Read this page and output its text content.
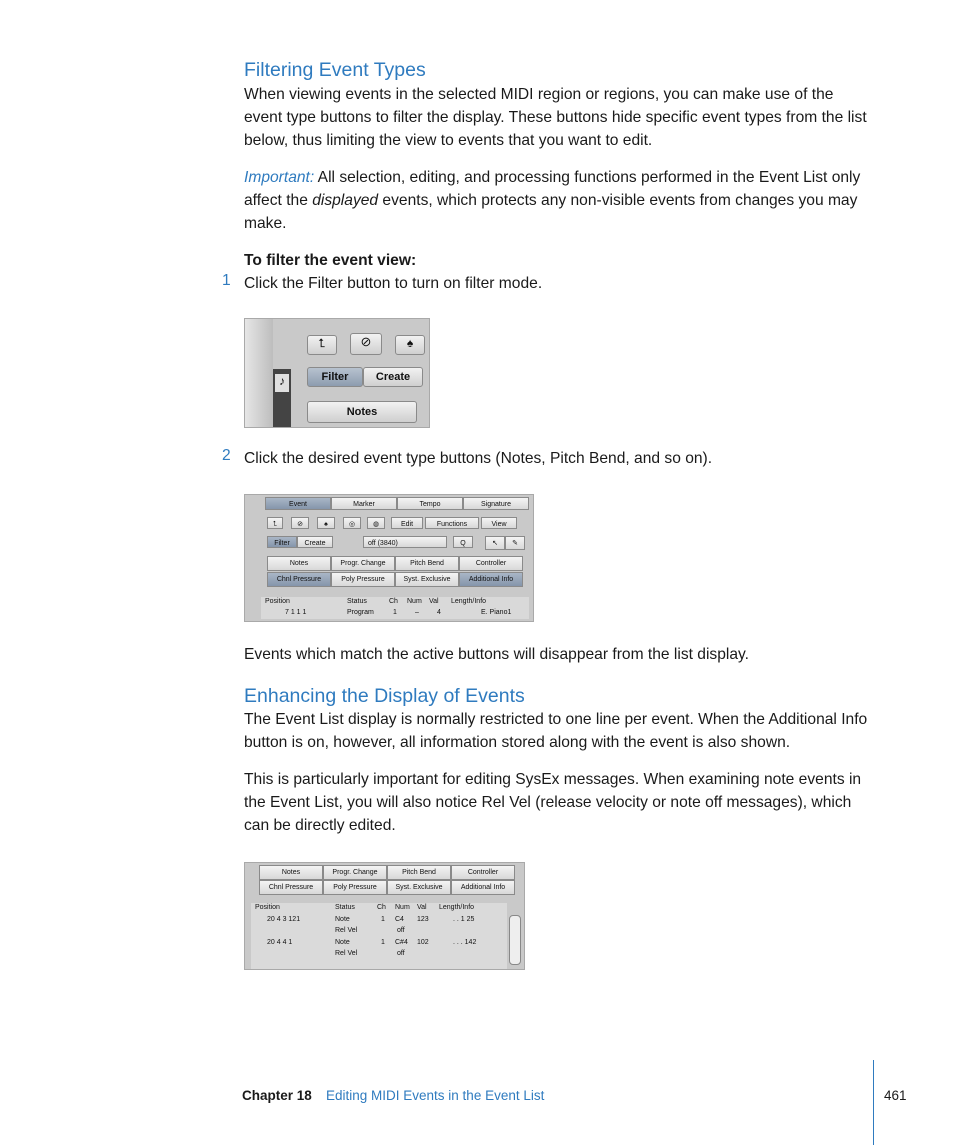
Filtering Event Types

When viewing events in the selected MIDI region or regions, you can make use of the event type buttons to filter the display. These buttons hide specific event types from the list below, thus limiting the view to events that you want to edit.

Important: All selection, editing, and processing functions performed in the Event List only affect the displayed events, which protects any non-visible events from changes you may make.

To filter the event view:
1 Click the Filter button to turn on filter mode.
♪
⮤	⊘	♠
Filter	Create
Notes
2 Click the desired event type buttons (Notes, Pitch Bend, and so on).
Event	Marker	Tempo	Signature
⮤	⊘	♠	◎	◍	Edit	Functions	View
Filter	Create	off (3840)	Q	↖	✎
Notes	Progr. Change	Pitch Bend	Controller
Chnl Pressure	Poly Pressure	Syst. Exclusive	Additional Info
Position	Status	Ch Num Val Length/Info
7 1 1 1	Program	1	–	4	E. Piano1
Events which match the active buttons will disappear from the list display.
Enhancing the Display of Events

The Event List display is normally restricted to one line per event. When the Additional Info button is on, however, all information stored along with the event is also shown.

This is particularly important for editing SysEx messages. When examining note events in the Event List, you will also notice Rel Vel (release velocity or note off messages), which can be directly edited.

Notes	Progr. Change	Pitch Bend	Controller
Chnl Pressure	Poly Pressure	Syst. Exclusive	Additional Info
Position	Status	Ch Num Val Length/Info
20 4 3 121	Note	1 C4 123	. . 1 25
Rel Vel	off
20 4 4 1	Note	1 C#4 102	. . . 142
Rel Vel	off
Chapter 18 Editing MIDI Events in the Event List	461
